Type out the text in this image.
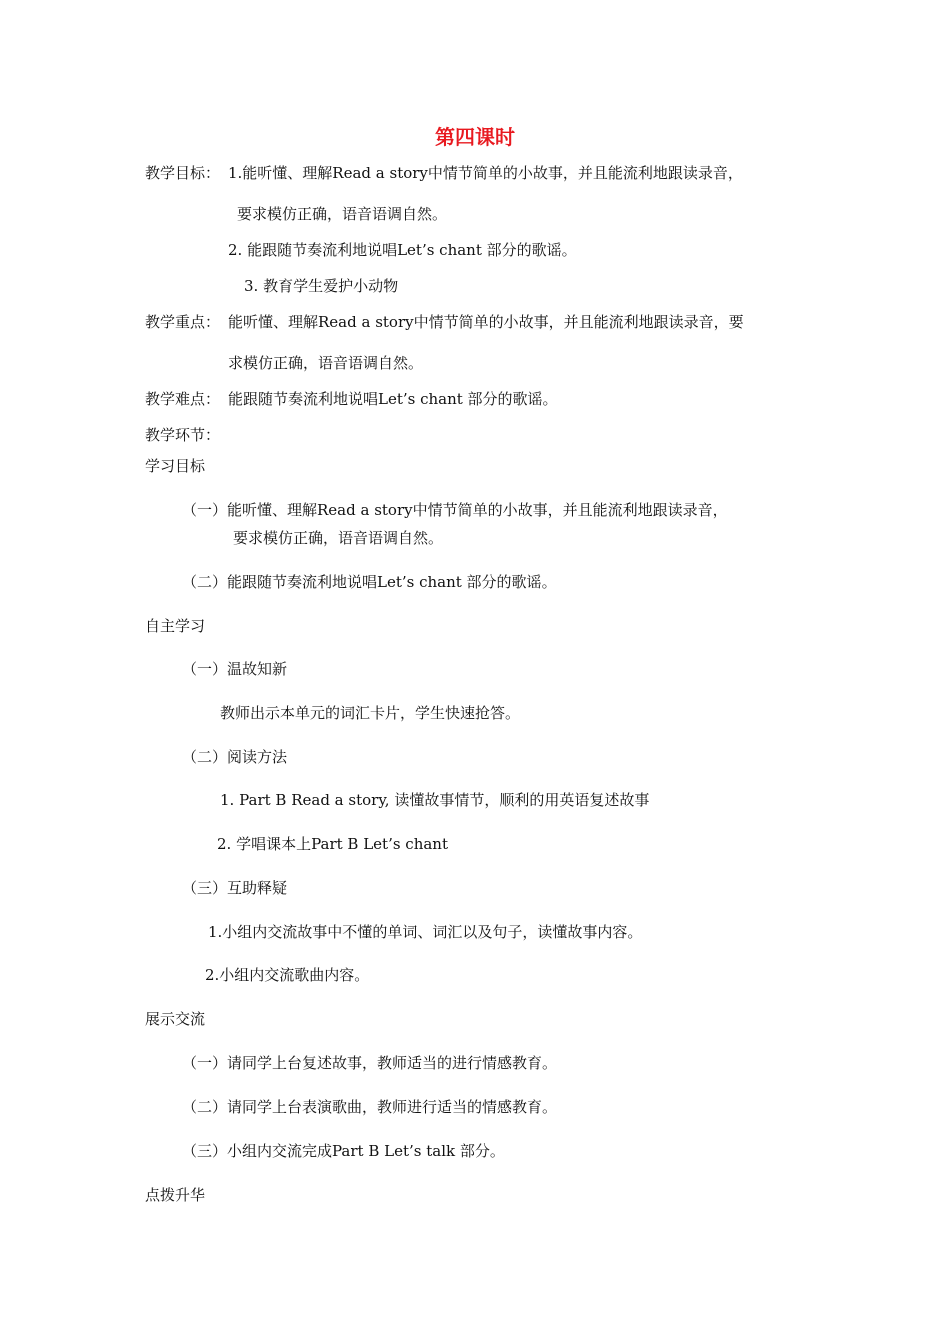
第四课时
教学目标： 1.能听懂、理解Read a story中情节简单的小故事，并且能流利地跟读录音，
要求模仿正确，语音语调自然。
2. 能跟随节奏流利地说唱Let’s chant 部分的歌谣。
3. 教育学生爱护小动物
教学重点： 能听懂、理解Read a story中情节简单的小故事，并且能流利地跟读录音，要
求模仿正确，语音语调自然。
教学难点： 能跟随节奏流利地说唱Let’s chant 部分的歌谣。
教学环节：
学习目标
（一）能听懂、理解Read a story中情节简单的小故事，并且能流利地跟读录音，
要求模仿正确，语音语调自然。
（二）能跟随节奏流利地说唱Let’s chant 部分的歌谣。
自主学习
（一）温故知新
教师出示本单元的词汇卡片，学生快速抢答。
（二）阅读方法
1. Part B Read a story, 读懂故事情节，顺利的用英语复述故事
2. 学唱课本上Part B Let’s chant
（三）互助释疑
1.小组内交流故事中不懂的单词、词汇以及句子，读懂故事内容。
2.小组内交流歌曲内容。
展示交流
（一）请同学上台复述故事，教师适当的进行情感教育。
（二）请同学上台表演歌曲，教师进行适当的情感教育。
（三）小组内交流完成Part B Let’s talk 部分。
点拨升华
